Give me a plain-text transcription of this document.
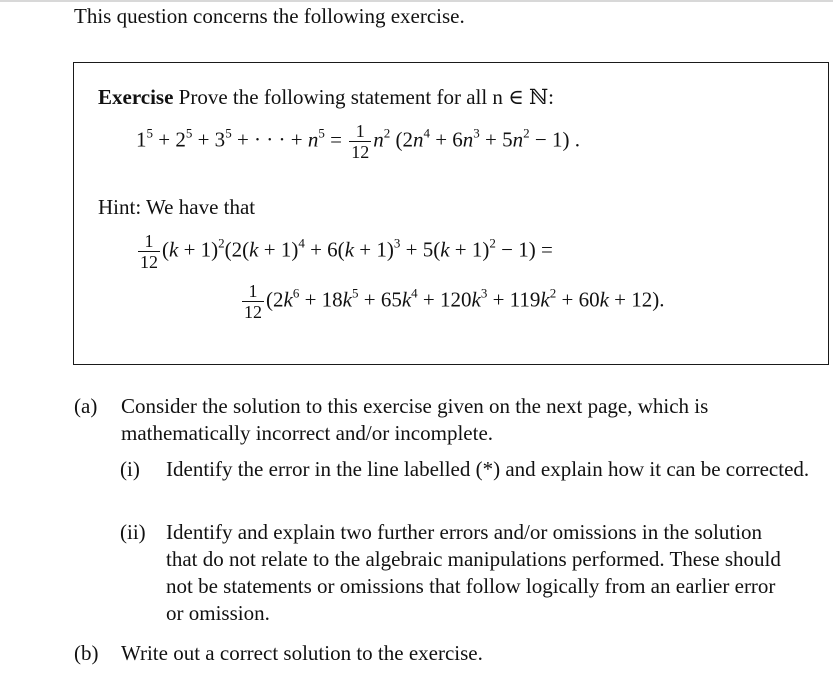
This question concerns the following exercise.
Exercise Prove the following statement for all n ∈ ℕ:
$1^5 + 2^5 + 3^5$ + · · · + $n^5 = \frac{1}{12} n^2$ $(2n^4 + 6n^3 + 5n^2 - 1)$ .
Hint: We have that
$\frac{1}{12} (k + 1)^2(2(k + 1)^4 + 6(k + 1)^3 + 5(k + 1)^2 - 1)$ =
$\frac{1}{12} (2k^6 + 18k^5 + 65k^4 + 120k^3 + 119k^2 + 60k + 12)$.
(a) Consider the solution to this exercise given on the next page, which is mathematically incorrect and/or incomplete.
(i) Identify the error in the line labelled (*) and explain how it can be corrected.
(ii) Identify and explain two further errors and/or omissions in the solution that do not relate to the algebraic manipulations performed. These should not be statements or omissions that follow logically from an earlier error or omission.
(b) Write out a correct solution to the exercise.
